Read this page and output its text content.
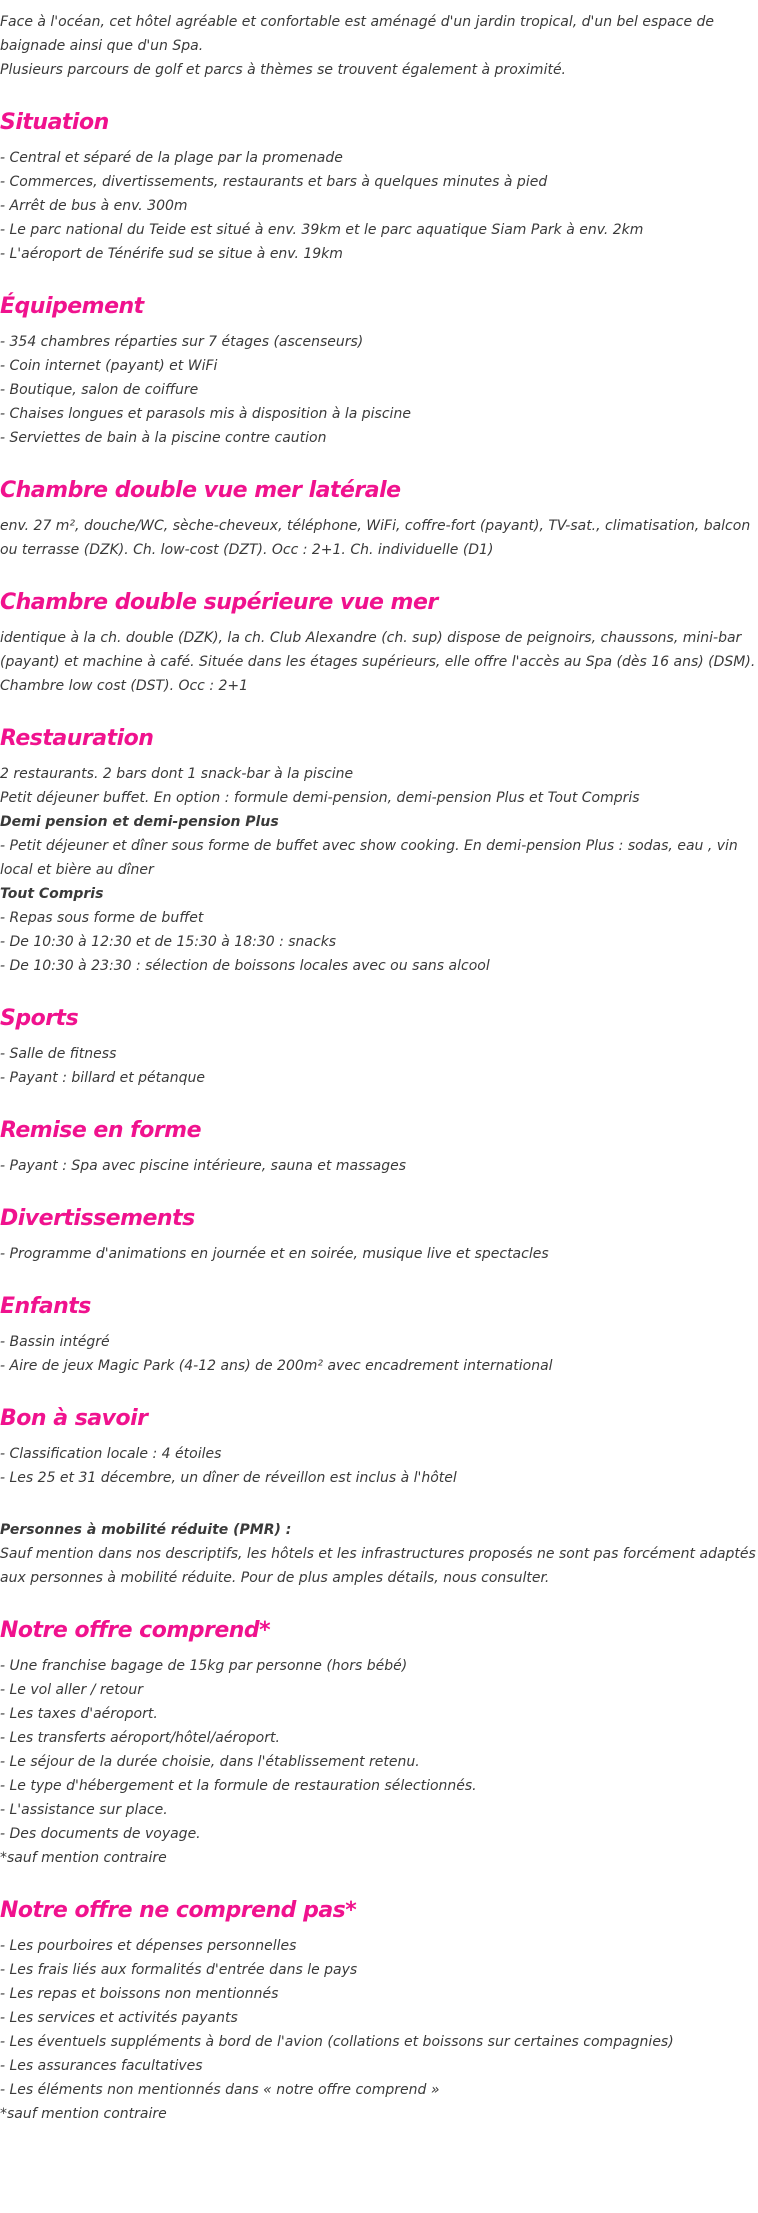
Face à l'océan, cet hôtel agréable et confortable est aménagé d'un jardin tropical, d'un bel espace de baignade ainsi que d'un Spa.

Plusieurs parcours de golf et parcs à thèmes se trouvent également à proximité.

Situation

- Central et séparé de la plage par la promenade

- Commerces, divertissements, restaurants et bars à quelques minutes à pied

- Arrêt de bus à env. 300m

- Le parc national du Teide est situé à env. 39km et le parc aquatique Siam Park à env. 2km

- L'aéroport de Ténérife sud se situe à env. 19km

Équipement

- 354 chambres réparties sur 7 étages (ascenseurs)

- Coin internet (payant) et WiFi

- Boutique, salon de coiffure

- Chaises longues et parasols mis à disposition à la piscine

- Serviettes de bain à la piscine contre caution

Chambre double vue mer latérale

env. 27 m², douche/WC, sèche-cheveux, téléphone, WiFi, coffre-fort (payant), TV-sat., climatisation, balcon ou terrasse (DZK). Ch. low-cost (DZT). Occ : 2+1. Ch. individuelle (D1)

Chambre double supérieure vue mer

identique à la ch. double (DZK), la ch. Club Alexandre (ch. sup) dispose de peignoirs, chaussons, mini-bar (payant) et machine à café. Située dans les étages supérieurs, elle offre l'accès au Spa (dès 16 ans) (DSM). Chambre low cost (DST). Occ : 2+1

Restauration

2 restaurants. 2 bars dont 1 snack-bar à la piscine

Petit déjeuner buffet. En option : formule demi-pension, demi-pension Plus et Tout Compris

Demi pension et demi-pension Plus

- Petit déjeuner et dîner sous forme de buffet avec show cooking. En demi-pension Plus : sodas, eau , vin local et bière au dîner

Tout Compris

- Repas sous forme de buffet

- De 10:30 à 12:30 et de 15:30 à 18:30 : snacks

- De 10:30 à 23:30 : sélection de boissons locales avec ou sans alcool

Sports

- Salle de fitness

- Payant : billard et pétanque

Remise en forme

- Payant : Spa avec piscine intérieure, sauna et massages

Divertissements

- Programme d'animations en journée et en soirée, musique live et spectacles

Enfants

- Bassin intégré

- Aire de jeux Magic Park (4-12 ans) de 200m² avec encadrement international

Bon à savoir

- Classification locale : 4 étoiles

- Les 25 et 31 décembre, un dîner de réveillon est inclus à l'hôtel

Personnes à mobilité réduite (PMR) :

Sauf mention dans nos descriptifs, les hôtels et les infrastructures proposés ne sont pas forcément adaptés aux personnes à mobilité réduite. Pour de plus amples détails, nous consulter.

Notre offre comprend*

- Une franchise bagage de 15kg par personne (hors bébé)

- Le vol aller / retour

- Les taxes d'aéroport.

- Les transferts aéroport/hôtel/aéroport.

- Le séjour de la durée choisie, dans l'établissement retenu.

- Le type d'hébergement et la formule de restauration sélectionnés.

- L'assistance sur place.

- Des documents de voyage.

*sauf mention contraire

Notre offre ne comprend pas*

- Les pourboires et dépenses personnelles

- Les frais liés aux formalités d'entrée dans le pays

- Les repas et boissons non mentionnés

- Les services et activités payants

- Les éventuels suppléments à bord de l'avion (collations et boissons sur certaines compagnies)

- Les assurances facultatives

- Les éléments non mentionnés dans « notre offre comprend »

*sauf mention contraire
